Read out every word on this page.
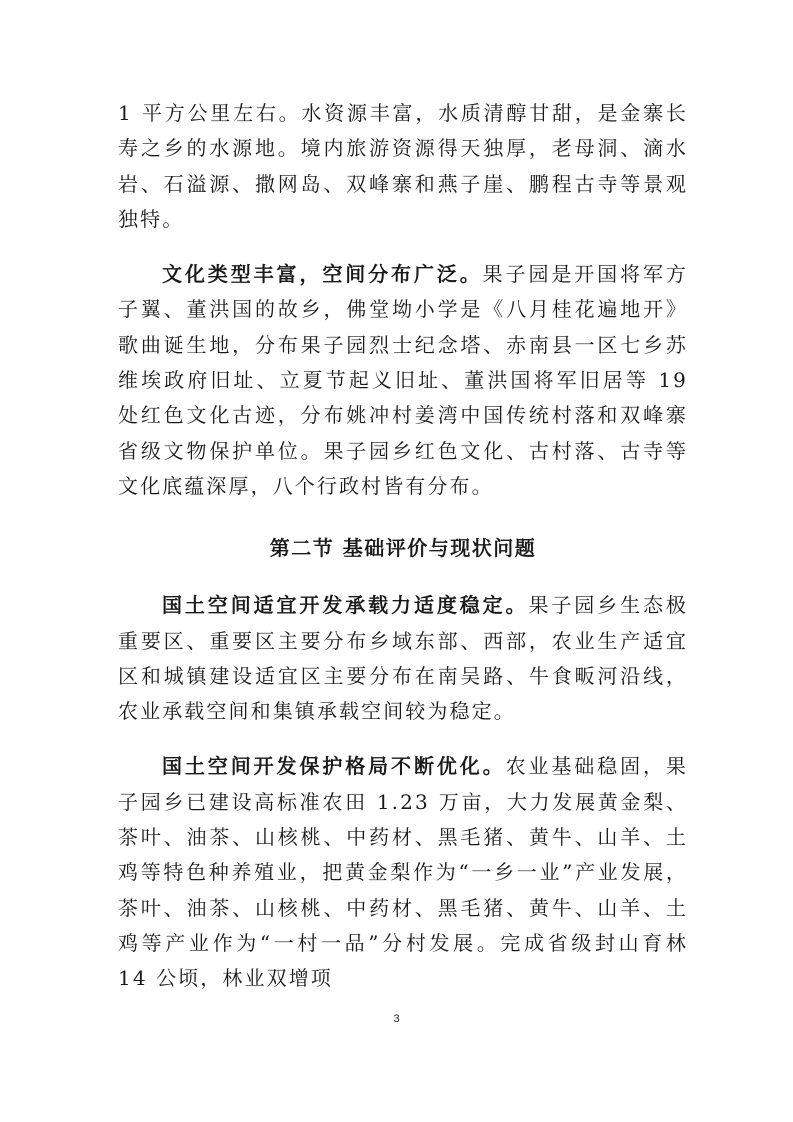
1 平方公里左右。水资源丰富，水质清醇甘甜，是金寨长寿之乡的水源地。境内旅游资源得天独厚，老母洞、滴水岩、石溢源、撒网岛、双峰寨和燕子崖、鹏程古寺等景观独特。

文化类型丰富，空间分布广泛。果子园是开国将军方子翼、董洪国的故乡，佛堂坳小学是《八月桂花遍地开》歌曲诞生地，分布果子园烈士纪念塔、赤南县一区七乡苏维埃政府旧址、立夏节起义旧址、董洪国将军旧居等 19 处红色文化古迹，分布姚冲村姜湾中国传统村落和双峰寨省级文物保护单位。果子园乡红色文化、古村落、古寺等文化底蕴深厚，八个行政村皆有分布。

第二节 基础评价与现状问题

国土空间适宜开发承载力适度稳定。果子园乡生态极重要区、重要区主要分布乡域东部、西部，农业生产适宜区和城镇建设适宜区主要分布在南吴路、牛食畈河沿线，农业承载空间和集镇承载空间较为稳定。

国土空间开发保护格局不断优化。农业基础稳固，果子园乡已建设高标准农田 1.23 万亩，大力发展黄金梨、茶叶、油茶、山核桃、中药材、黑毛猪、黄牛、山羊、土鸡等特色种养殖业，把黄金梨作为“一乡一业”产业发展，茶叶、油茶、山核桃、中药材、黑毛猪、黄牛、山羊、土鸡等产业作为“一村一品”分村发展。完成省级封山育林 14 公顷，林业双增项

3
